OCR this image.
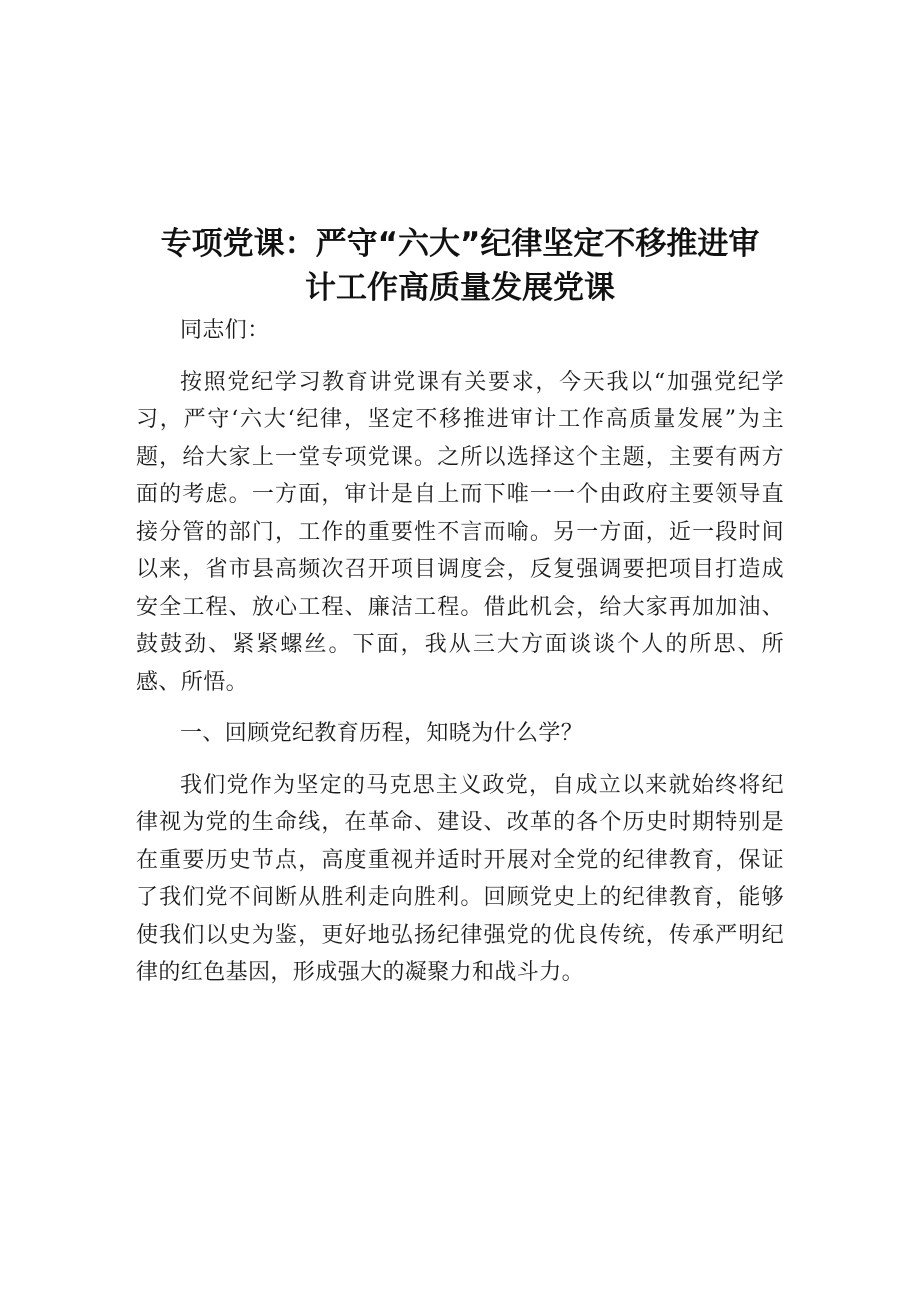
专项党课：严守“六大”纪律坚定不移推进审
计工作高质量发展党课

同志们：

按照党纪学习教育讲党课有关要求，今天我以“加强党纪学习，严守‘六大‘纪律，坚定不移推进审计工作高质量发展”为主题，给大家上一堂专项党课。之所以选择这个主题，主要有两方面的考虑。一方面，审计是自上而下唯一一个由政府主要领导直接分管的部门，工作的重要性不言而喻。另一方面，近一段时间以来，省市县高频次召开项目调度会，反复强调要把项目打造成安全工程、放心工程、廉洁工程。借此机会，给大家再加加油、鼓鼓劲、紧紧螺丝。下面，我从三大方面谈谈个人的所思、所感、所悟。

一、回顾党纪教育历程，知晓为什么学？

我们党作为坚定的马克思主义政党，自成立以来就始终将纪律视为党的生命线，在革命、建设、改革的各个历史时期特别是在重要历史节点，高度重视并适时开展对全党的纪律教育，保证了我们党不间断从胜利走向胜利。回顾党史上的纪律教育，能够使我们以史为鉴，更好地弘扬纪律强党的优良传统，传承严明纪律的红色基因，形成强大的凝聚力和战斗力。
